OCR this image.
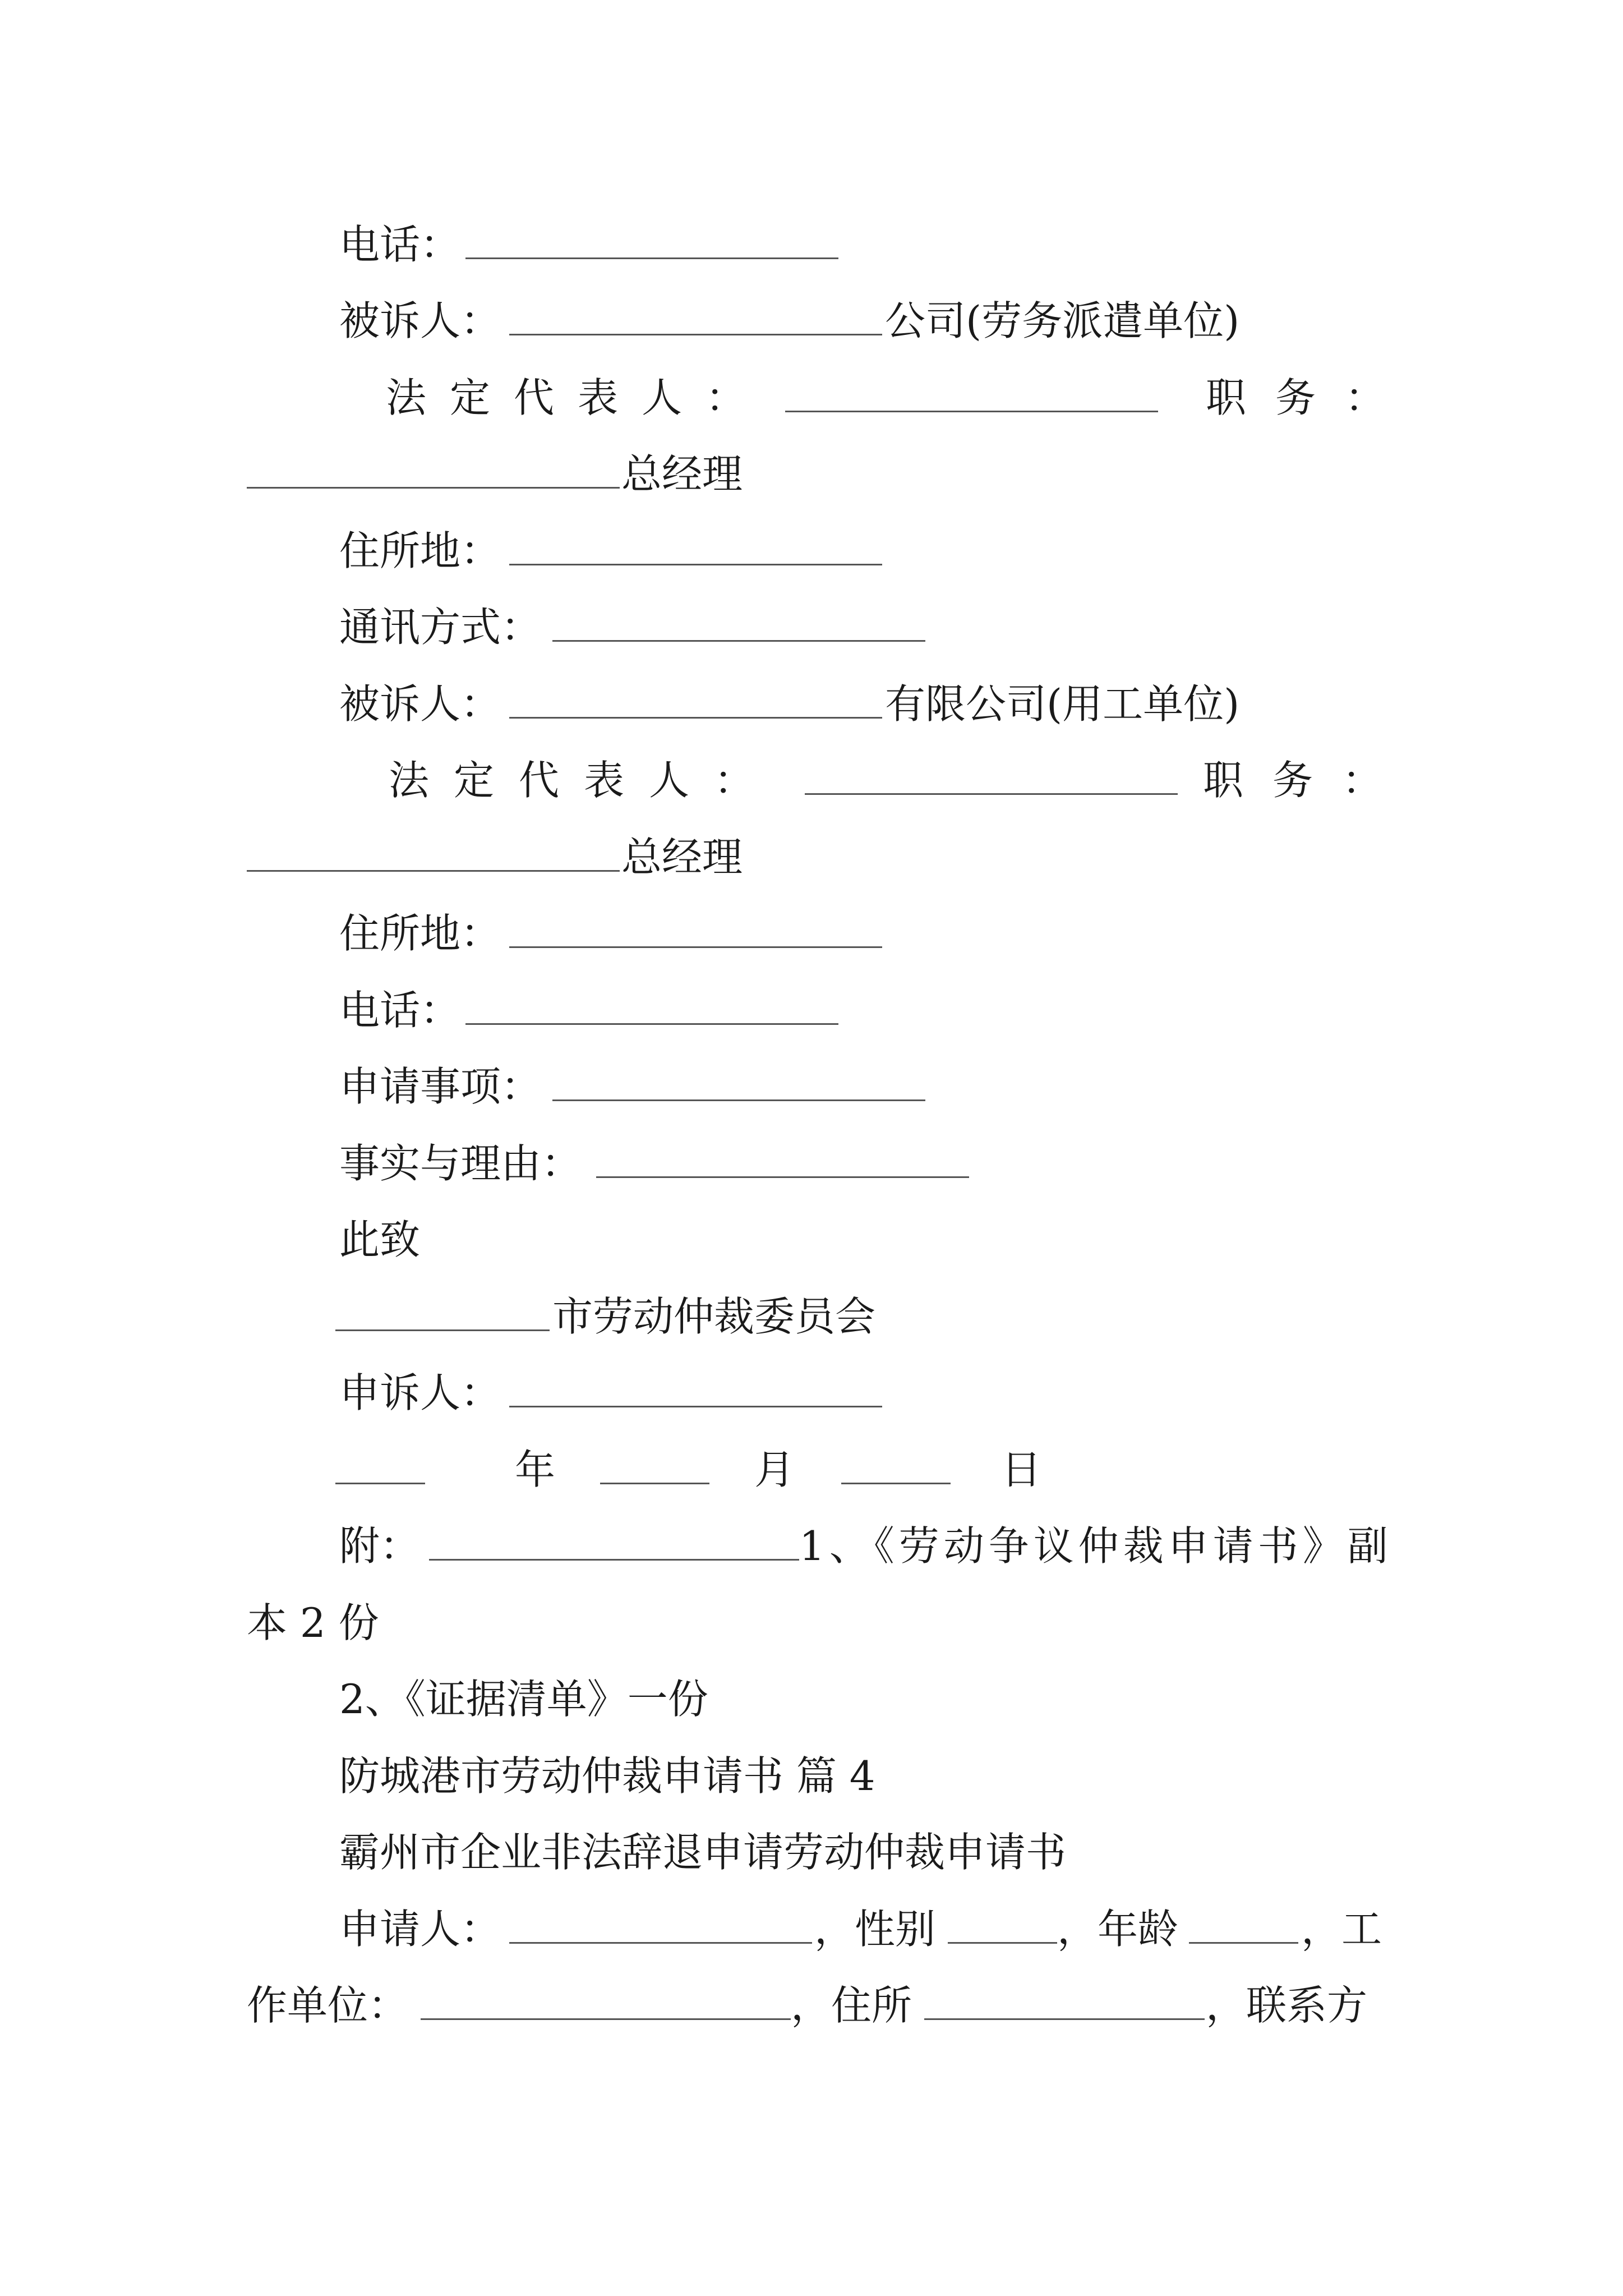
电话：
被诉人：	公司(劳务派遣单位)
法定代表人：	职务：
总经理
住所地：
通讯方式：
被诉人：	有限公司(用工单位)
法定代表人：	职务：
总经理
住所地：
电话：
申请事项：
事实与理由：
此致
市劳动仲裁委员会
申诉人：
年	月	日
附：	1、《劳动争议仲裁申请书》副
本 2 份
2、《证据清单》一份
防城港市劳动仲裁申请书 篇 4
霸州市企业非法辞退申请劳动仲裁申请书
申请人：	，性别	，年龄	，工
作单位：	，住所	，联系方
